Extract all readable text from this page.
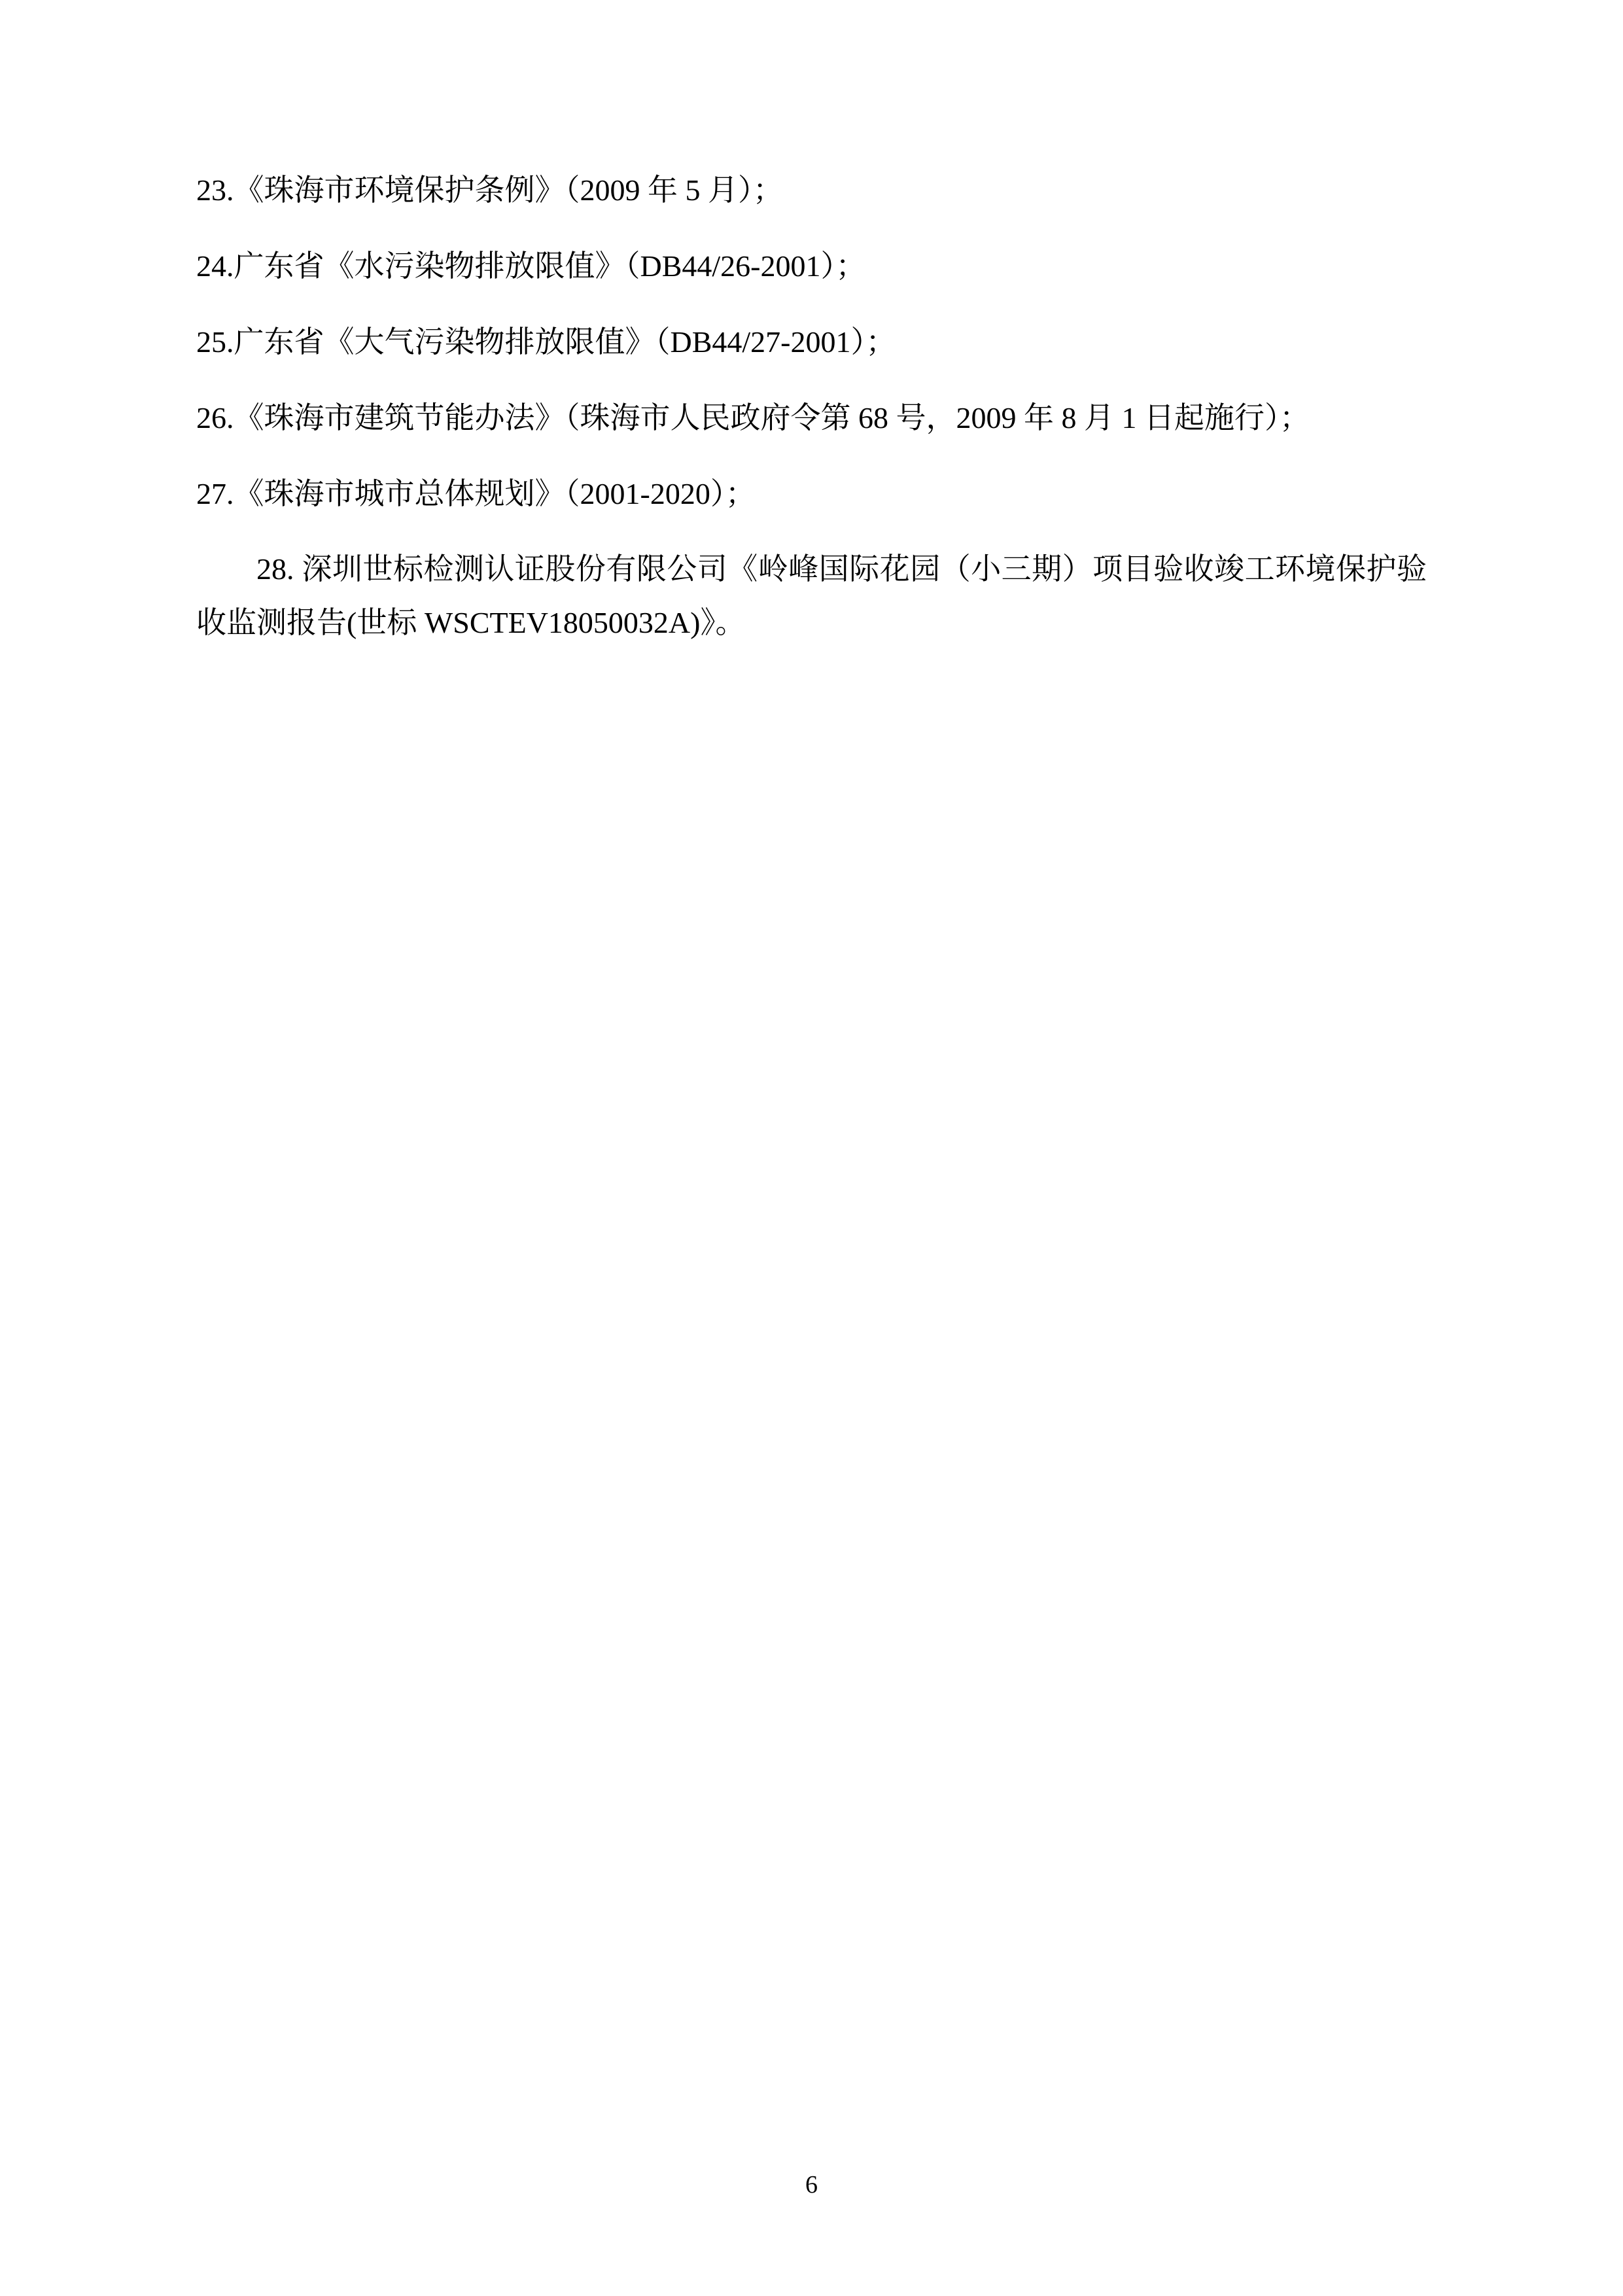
23.《珠海市环境保护条例》（2009 年 5 月）；

24.广东省《水污染物排放限值》（DB44/26-2001）；

25.广东省《大气污染物排放限值》（DB44/27-2001）；

26.《珠海市建筑节能办法》（珠海市人民政府令第 68 号，2009 年 8 月 1 日起施行）；

27.《珠海市城市总体规划》（2001-2020）；

28. 深圳世标检测认证股份有限公司《岭峰国际花园（小三期）项目验收竣工环境保护验收监测报告(世标 WSCTEV18050032A)》。

6
